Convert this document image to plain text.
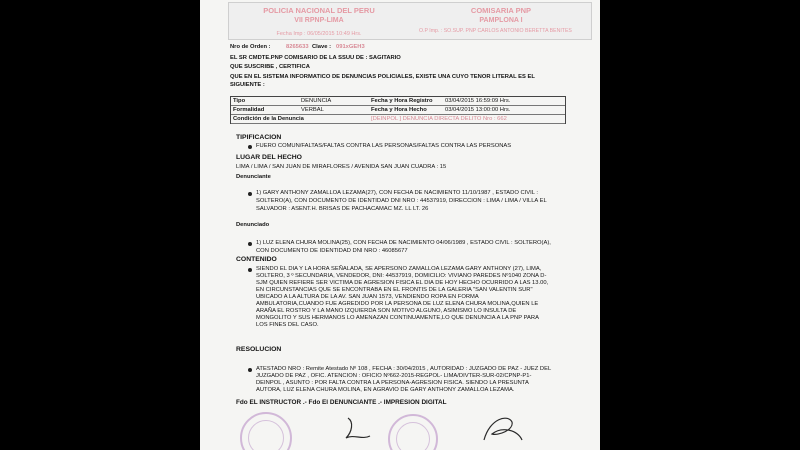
POLICIA NACIONAL DEL PERU
VII RPNP-LIMA
Fecha Imp : 06/05/2015 10:49 Hrs.
COMISARIA PNP
PAMPLONA I
O.P Imp. : SO.SUP. PNP CARLOS ANTONIO BERETTA BENITES
Nro de Orden :	8265633 Clave : 091xGEH3
EL SR CMDTE.PNP COMISARIO DE LA SSUU DE : SAGITARIO
QUE SUSCRIBE , CERTIFICA
QUE EN EL SISTEMA INFORMATICO DE DENUNCIAS POLICIALES, EXISTE UNA CUYO TENOR LITERAL ES EL
SIGUIENTE :
Tipo	DENUNCIA	Fecha y Hora Registro 03/04/2015 16:59:09 Hrs.
Formalidad	VERBAL	Fecha y Hora Hecho	03/04/2015 13:00:00 Hrs.
Condición de la Denuncia	[DEINPOL ] DENUNCIA DIRECTA DELITO Nro : 662
TIPIFICACION
FUERO COMUN/FALTAS/FALTAS CONTRA LAS PERSONAS/FALTAS CONTRA LAS PERSONAS
LUGAR DEL HECHO
LIMA / LIMA / SAN JUAN DE MIRAFLORES / AVENIDA SAN JUAN CUADRA : 15
Denunciante
1) GARY ANTHONY ZAMALLOA LEZAMA(27), CON FECHA DE NACIMIENTO 11/10/1987 , ESTADO CIVIL :
SOLTERO(A), CON DOCUMENTO DE IDENTIDAD DNI NRO : 44537919, DIRECCION : LIMA / LIMA / VILLA EL
SALVADOR : ASENT.H. BRISAS DE PACHACAMAC MZ. LL LT. 26
Denunciado
1) LUZ ELENA CHURA MOLINA(25), CON FECHA DE NACIMIENTO 04/06/1989 , ESTADO CIVIL : SOLTERO(A),
CON DOCUMENTO DE IDENTIDAD DNI NRO : 46085677
CONTENIDO
SIENDO EL DIA Y LA HORA SEÑALADA, SE APERSONO ZAMALLOA LEZAMA GARY ANTHONY (27), LIMA,
SOLTERO, 3 º SECUNDARIA, VENDEDOR, DNI: 44537919, DOMICILIO: VIVIANO PAREDES Nº1040 ZONA D-
SJM QUIEN REFIERE SER VICTIMA DE AGRESION FISICA EL DIA DE HOY HECHO OCURRIDO A LAS 13.00,
EN CIRCUNSTANCIAS QUE SE ENCONTRABA EN EL FRONTIS DE LA GALERIA "SAN VALENTIN SUR"
UBICADO A LA ALTURA DE LA AV. SAN JUAN 1573, VENDIENDO ROPA EN FORMA
AMBULATORIA,CUANDO FUE AGREDIDO POR LA PERSONA DE LUZ ELENA CHURA MOLINA,QUIEN LE
ARAÑA EL ROSTRO Y LA MANO IZQUIERDA SON MOTIVO ALGUNO, ASIMISMO LO INSULTA DE
MONGOLITO Y SUS HERMANOS LO AMENAZAN CONTINUAMENTE,LO QUE DENUNCIA A LA PNP PARA
LOS FINES DEL CASO.
RESOLUCION
ATESTADO NRO : Remite Atestado Nº 108 , FECHA : 30/04/2015 , AUTORIDAD : JUZGADO DE PAZ - JUEZ DEL
JUZGADO DE PAZ , OFIC. ATENCION : OFICIO Nº662-2015-REGPOL- LIMA/DIVTER-SUR-02/CPNP-P1-
DEINPOL , ASUNTO : POR FALTA CONTRA LA PERSONA-AGRESION FISICA. SIENDO LA PRESUNTA
AUTORA, LUZ ELENA CHURA MOLINA, EN AGRAVIO DE GARY ANTHONY ZAMALLOA LEZAMA.
Fdo EL INSTRUCTOR .- Fdo El DENUNCIANTE .- IMPRESION DIGITAL
